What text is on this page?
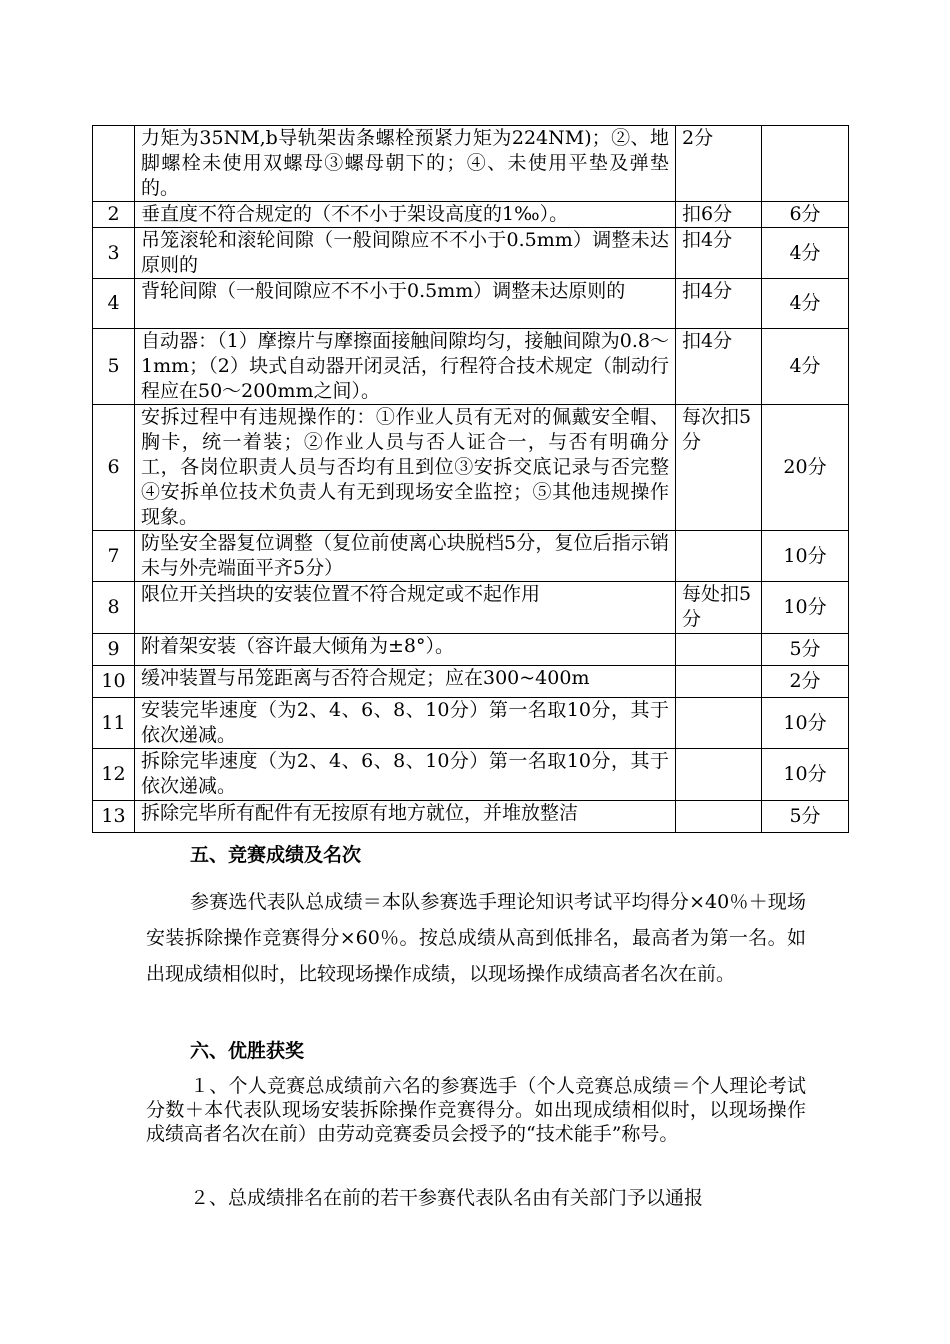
	力矩为35NM,b导轨架齿条螺栓预紧力矩为224NM)；②、地脚螺栓未使用双螺母③螺母朝下的；④、未使用平垫及弹垫的。	2分	
2	垂直度不符合规定的（不不小于架设高度的1‰）。	扣6分	6分
3	吊笼滚轮和滚轮间隙（一般间隙应不不小于0.5mm）调整未达原则的	扣4分	4分
4	背轮间隙（一般间隙应不不小于0.5mm）调整未达原则的	扣4分	4分
5	自动器：（1）摩擦片与摩擦面接触间隙均匀，接触间隙为0.8～1mm；（2）块式自动器开闭灵活，行程符合技术规定（制动行程应在50～200mm之间）。	扣4分	4分
6	安拆过程中有违规操作的：①作业人员有无对的佩戴安全帽、胸卡，统一着装；②作业人员与否人证合一，与否有明确分工，各岗位职责人员与否均有且到位③安拆交底记录与否完整④安拆单位技术负责人有无到现场安全监控；⑤其他违规操作现象。	每次扣5分	20分
7	防坠安全器复位调整（复位前使离心块脱档5分，复位后指示销未与外壳端面平齐5分）		10分
8	限位开关挡块的安装位置不符合规定或不起作用	每处扣5分	10分
9	附着架安装（容许最大倾角为±8°）。		5分
10	缓冲装置与吊笼距离与否符合规定；应在300~400m		2分
11	安装完毕速度（为2、4、6、8、10分）第一名取10分，其于依次递减。		10分
12	拆除完毕速度（为2、4、6、8、10分）第一名取10分，其于依次递减。		10分
13	拆除完毕所有配件有无按原有地方就位，并堆放整洁		5分
五、竞赛成绩及名次

参赛选代表队总成绩＝本队参赛选手理论知识考试平均得分×40％＋现场安装拆除操作竞赛得分×60％。按总成绩从高到低排名，最高者为第一名。如出现成绩相似时，比较现场操作成绩，以现场操作成绩高者名次在前。

六、优胜获奖

１、个人竞赛总成绩前六名的参赛选手（个人竞赛总成绩＝个人理论考试分数＋本代表队现场安装拆除操作竞赛得分。如出现成绩相似时，以现场操作成绩高者名次在前）由劳动竞赛委员会授予的“技术能手”称号。

２、总成绩排名在前的若干参赛代表队名由有关部门予以通报
